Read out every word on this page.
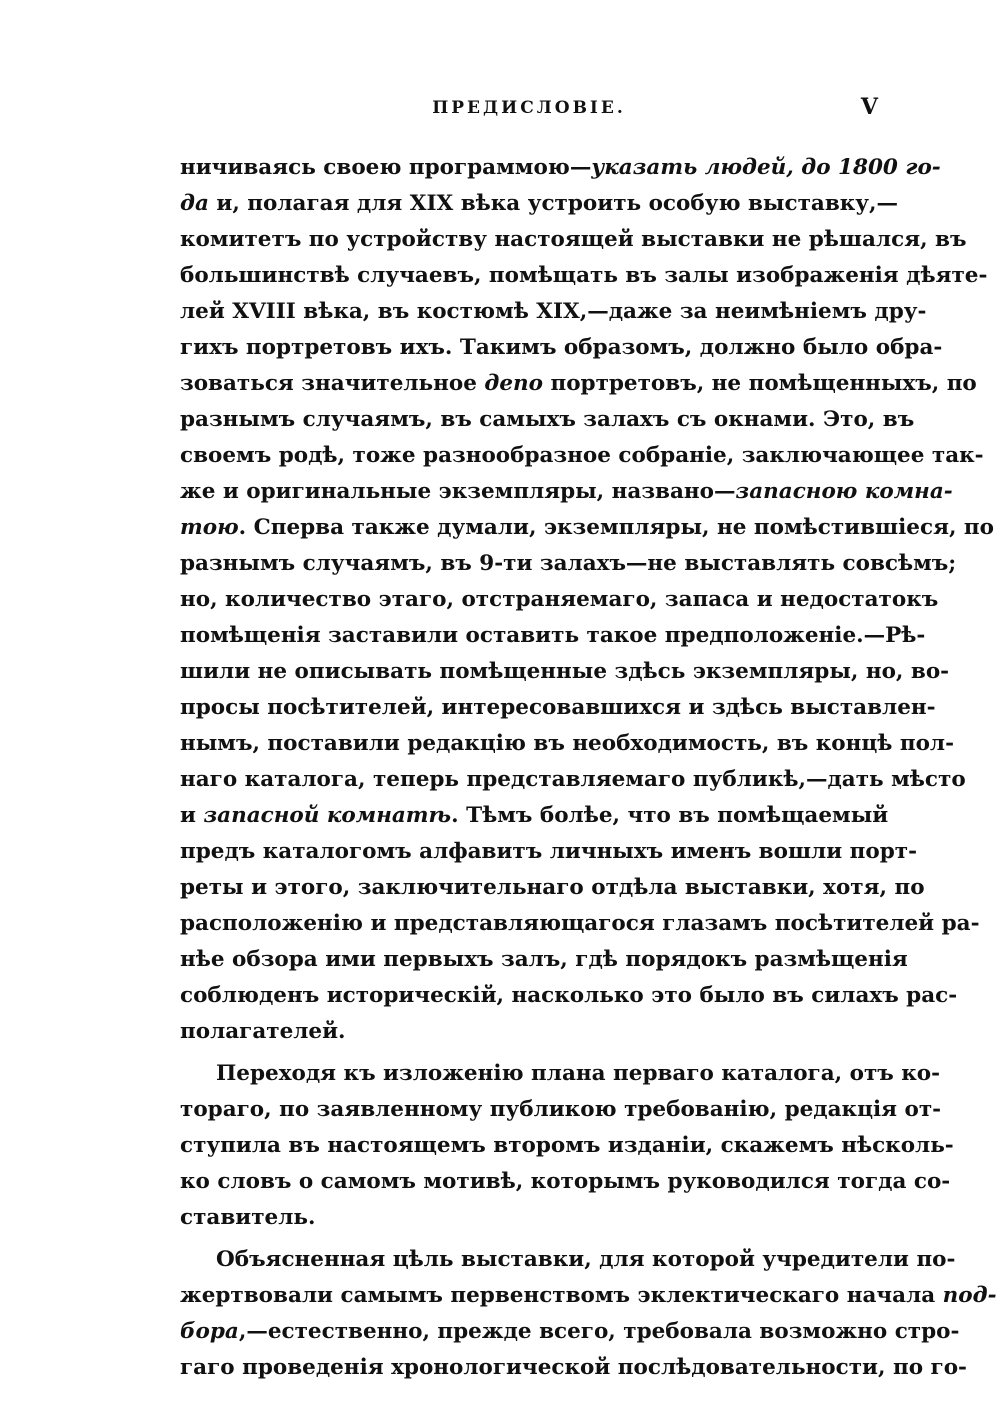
ПРЕДИСЛОВІЕ.	V
ничиваясь своею программою—указать людей, до 1800 го-
да и, полагая для XIX вѣка устроить особую выставку,—
комитетъ по устройству настоящей выставки не рѣшался, въ
большинствѣ случаевъ, помѣщать въ залы изображенія дѣяте-
лей XVIII вѣка, въ костюмѣ XIX,—даже за неимѣніемъ дру-
гихъ портретовъ ихъ. Такимъ образомъ, должно было обра-
зоваться значительное депо портретовъ, не помѣщенныхъ, по
разнымъ случаямъ, въ самыхъ залахъ съ окнами. Это, въ
своемъ родѣ, тоже разнообразное собраніе, заключающее так-
же и оригинальные экземпляры, названо—запасною комна-
тою. Сперва также думали, экземпляры, не помѣстившіеся, по
разнымъ случаямъ, въ 9-ти залахъ—не выставлять совсѣмъ;
но, количество этаго, отстраняемаго, запаса и недостатокъ
помѣщенія заставили оставить такое предположеніе.—Рѣ-
шили не описывать помѣщенные здѣсь экземпляры, но, во-
просы посѣтителей, интересовавшихся и здѣсь выставлен-
нымъ, поставили редакцію въ необходимость, въ концѣ пол-
наго каталога, теперь представляемаго публикѣ,—дать мѣсто
и запасной комнатѣ. Тѣмъ болѣе, что въ помѣщаемый
предъ каталогомъ алфавитъ личныхъ именъ вошли порт-
реты и этого, заключительнаго отдѣла выставки, хотя, по
расположенію и представляющагося глазамъ посѣтителей ра-
нѣе обзора ими первыхъ залъ, гдѣ порядокъ размѣщенія
соблюденъ историческій, насколько это было въ силахъ рас-
полагателей.
Переходя къ изложенію плана перваго каталога, отъ ко-
тораго, по заявленному публикою требованію, редакція от-
ступила въ настоящемъ второмъ изданіи, скажемъ нѣсколь-
ко словъ о самомъ мотивѣ, которымъ руководился тогда со-
ставитель.
Объясненная цѣль выставки, для которой учредители по-
жертвовали самымъ первенствомъ эклектическаго начала под-
бора,—естественно, прежде всего, требовала возможно стро-
гаго проведенія хронологической послѣдовательности, по го-
